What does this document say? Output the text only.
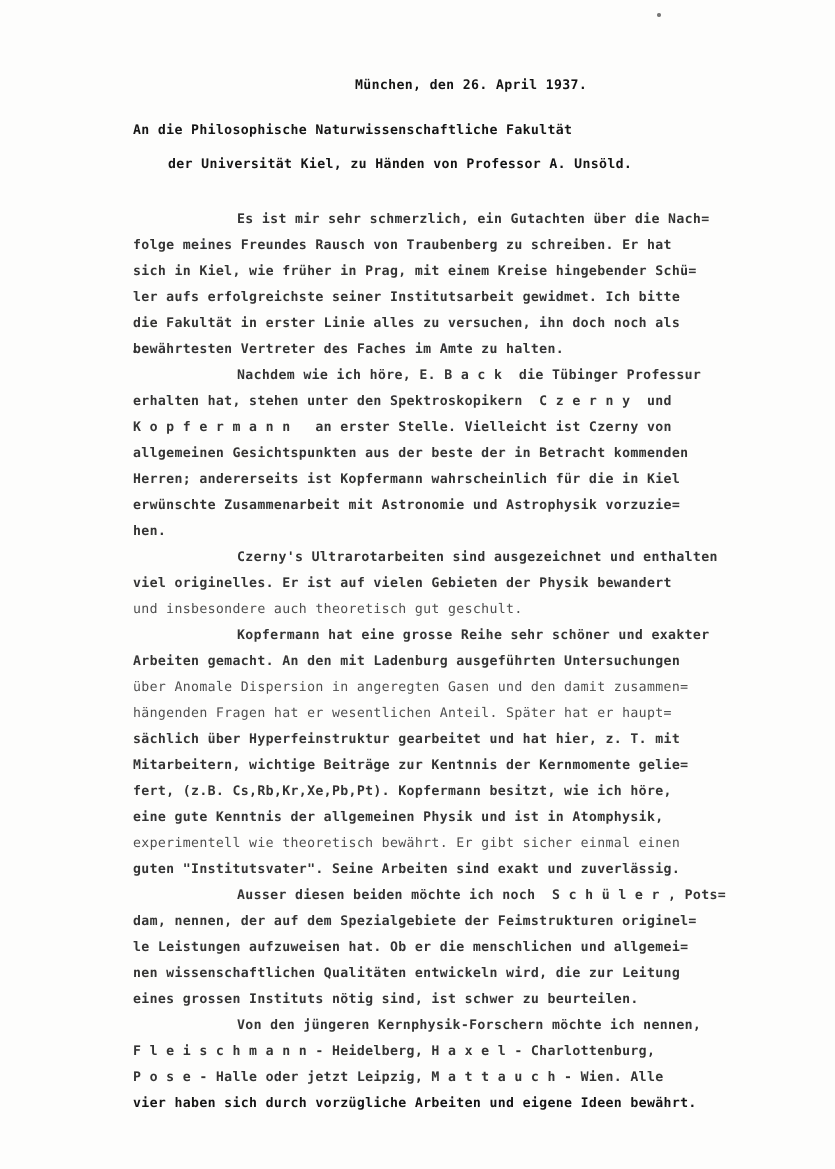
München, den 26. April 1937.
An die Philosophische Naturwissenschaftliche Fakultät
der Universität Kiel, zu Händen von Professor A. Unsöld.
Es ist mir sehr schmerzlich, ein Gutachten über die Nach=
folge meines Freundes Rausch von Traubenberg zu schreiben. Er hat
sich in Kiel, wie früher in Prag, mit einem Kreise hingebender Schü=
ler aufs erfolgreichste seiner Institutsarbeit gewidmet. Ich bitte
die Fakultät in erster Linie alles zu versuchen, ihn doch noch als
bewährtesten Vertreter des Faches im Amte zu halten.
Nachdem wie ich höre, E. B a c k  die Tübinger Professur
erhalten hat, stehen unter den Spektroskopikern  C z e r n y  und
K o p f e r m a n n   an erster Stelle. Vielleicht ist Czerny von
allgemeinen Gesichtspunkten aus der beste der in Betracht kommenden
Herren; andererseits ist Kopfermann wahrscheinlich für die in Kiel
erwünschte Zusammenarbeit mit Astronomie und Astrophysik vorzuzie=
hen.
Czerny's Ultrarotarbeiten sind ausgezeichnet und enthalten
viel originelles. Er ist auf vielen Gebieten der Physik bewandert
und insbesondere auch theoretisch gut geschult.
Kopfermann hat eine grosse Reihe sehr schöner und exakter
Arbeiten gemacht. An den mit Ladenburg ausgeführten Untersuchungen
über Anomale Dispersion in angeregten Gasen und den damit zusammen=
hängenden Fragen hat er wesentlichen Anteil. Später hat er haupt=
sächlich über Hyperfeinstruktur gearbeitet und hat hier, z. T. mit
Mitarbeitern, wichtige Beiträge zur Kentnnis der Kernmomente gelie=
fert, (z.B. Cs,Rb,Kr,Xe,Pb,Pt). Kopfermann besitzt, wie ich höre,
eine gute Kenntnis der allgemeinen Physik und ist in Atomphysik,
experimentell wie theoretisch bewährt. Er gibt sicher einmal einen
guten "Institutsvater". Seine Arbeiten sind exakt und zuverlässig.
Ausser diesen beiden möchte ich noch  S c h ü l e r , Pots=
dam, nennen, der auf dem Spezialgebiete der Feimstrukturen originel=
le Leistungen aufzuweisen hat. Ob er die menschlichen und allgemei=
nen wissenschaftlichen Qualitäten entwickeln wird, die zur Leitung
eines grossen Instituts nötig sind, ist schwer zu beurteilen.
Von den jüngeren Kernphysik-Forschern möchte ich nennen,
F l e i s c h m a n n - Heidelberg, H a x e l - Charlottenburg,
P o s e - Halle oder jetzt Leipzig, M a t t a u c h - Wien. Alle
vier haben sich durch vorzügliche Arbeiten und eigene Ideen bewährt.
